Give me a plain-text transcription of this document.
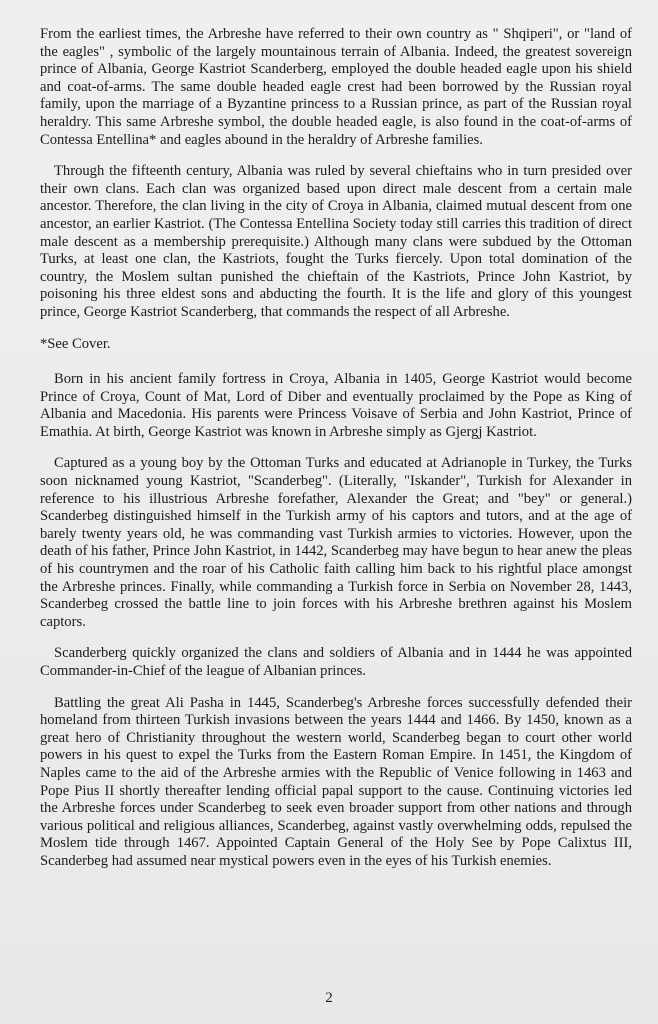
From the earliest times, the Arbreshe have referred to their own country as " Shqiperi", or "land of the eagles" , symbolic of the largely mountainous terrain of Albania. Indeed, the greatest sovereign prince of Albania, George Kastriot Scanderberg, employed the double headed eagle upon his shield and coat-of-arms. The same double headed eagle crest had been borrowed by the Russian royal family, upon the marriage of a Byzantine princess to a Russian prince, as part of the Russian royal heraldry. This same Arbreshe symbol, the double headed eagle, is also found in the coat-of-arms of Contessa Entellina* and eagles abound in the heraldry of Arbreshe families.

Through the fifteenth century, Albania was ruled by several chieftains who in turn presided over their own clans. Each clan was organized based upon direct male descent from a certain male ancestor. Therefore, the clan living in the city of Croya in Albania, claimed mutual descent from one ancestor, an earlier Kastriot. (The Contessa Entellina Society today still carries this tradition of direct male descent as a membership prerequisite.) Although many clans were subdued by the Ottoman Turks, at least one clan, the Kastriots, fought the Turks fiercely. Upon total domination of the country, the Moslem sultan punished the chieftain of the Kastriots, Prince John Kastriot, by poisoning his three eldest sons and abducting the fourth. It is the life and glory of this youngest prince, George Kastriot Scanderberg, that commands the respect of all Arbreshe.

*See Cover.

Born in his ancient family fortress in Croya, Albania in 1405, George Kastriot would become Prince of Croya, Count of Mat, Lord of Diber and eventually proclaimed by the Pope as King of Albania and Macedonia. His parents were Princess Voisave of Serbia and John Kastriot, Prince of Emathia. At birth, George Kastriot was known in Arbreshe simply as Gjergj Kastriot.

Captured as a young boy by the Ottoman Turks and educated at Adrianople in Turkey, the Turks soon nicknamed young Kastriot, "Scanderbeg". (Literally, "Iskander", Turkish for Alexander in reference to his illustrious Arbreshe forefather, Alexander the Great; and "bey" or general.) Scanderbeg distinguished himself in the Turkish army of his captors and tutors, and at the age of barely twenty years old, he was commanding vast Turkish armies to victories. However, upon the death of his father, Prince John Kastriot, in 1442, Scanderbeg may have begun to hear anew the pleas of his countrymen and the roar of his Catholic faith calling him back to his rightful place amongst the Arbreshe princes. Finally, while commanding a Turkish force in Serbia on November 28, 1443, Scanderbeg crossed the battle line to join forces with his Arbreshe brethren against his Moslem captors.

Scanderberg quickly organized the clans and soldiers of Albania and in 1444 he was appointed Commander-in-Chief of the league of Albanian princes.

Battling the great Ali Pasha in 1445, Scanderbeg's Arbreshe forces successfully defended their homeland from thirteen Turkish invasions between the years 1444 and 1466. By 1450, known as a great hero of Christianity throughout the western world, Scanderbeg began to court other world powers in his quest to expel the Turks from the Eastern Roman Empire. In 1451, the Kingdom of Naples came to the aid of the Arbreshe armies with the Republic of Venice following in 1463 and Pope Pius II shortly thereafter lending official papal support to the cause. Continuing victories led the Arbreshe forces under Scanderbeg to seek even broader support from other nations and through various political and religious alliances, Scanderbeg, against vastly overwhelming odds, repulsed the Moslem tide through 1467. Appointed Captain General of the Holy See by Pope Calixtus III, Scanderbeg had assumed near mystical powers even in the eyes of his Turkish enemies.

2
